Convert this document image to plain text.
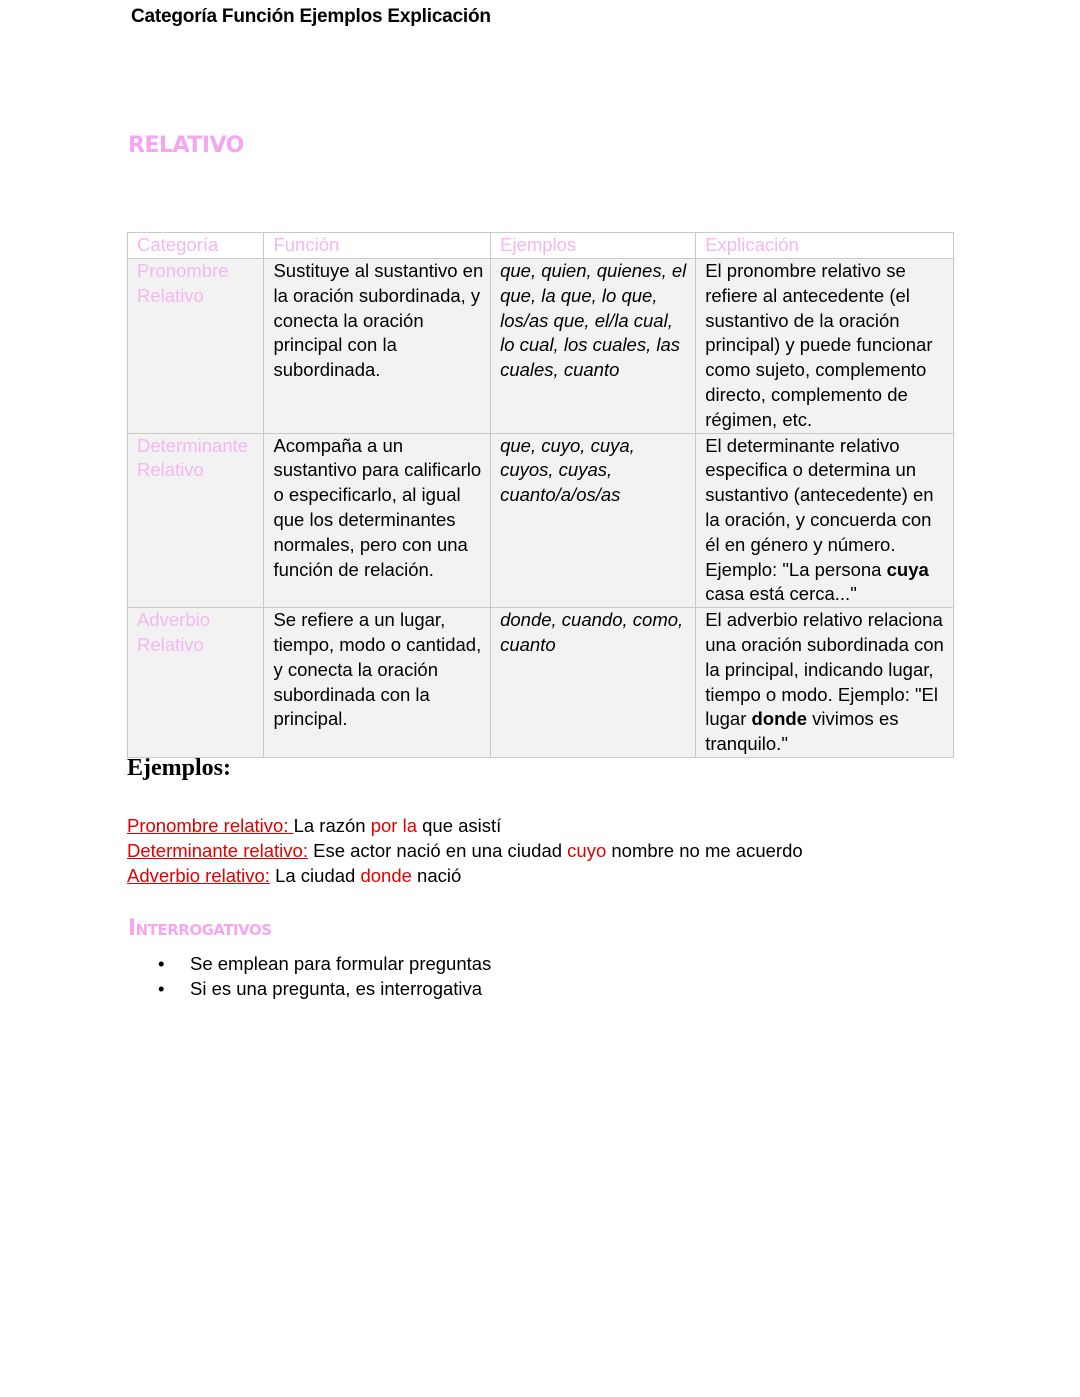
Categoría Función Ejemplos Explicación
RELATIVO
Categoría	Función	Ejemplos	Explicación
Pronombre Relativo	Sustituye al sustantivo en la oración subordinada, y conecta la oración principal con la subordinada.	que, quien, quienes, el que, la que, lo que, los/as que, el/la cual, lo cual, los cuales, las cuales, cuanto	El pronombre relativo se refiere al antecedente (el sustantivo de la oración principal) y puede funcionar como sujeto, complemento directo, complemento de régimen, etc.
Determinante Relativo	Acompaña a un sustantivo para calificarlo o especificarlo, al igual que los determinantes normales, pero con una función de relación.	que, cuyo, cuya, cuyos, cuyas, cuanto/a/os/as	El determinante relativo especifica o determina un sustantivo (antecedente) en la oración, y concuerda con él en género y número. Ejemplo: "La persona cuya casa está cerca..."
Adverbio Relativo	Se refiere a un lugar, tiempo, modo o cantidad, y conecta la oración subordinada con la principal.	donde, cuando, como, cuanto	El adverbio relativo relaciona una oración subordinada con la principal, indicando lugar, tiempo o modo. Ejemplo: "El lugar donde vivimos es tranquilo."
Ejemplos:
Pronombre relativo: La razón por la que asistí
Determinante relativo: Ese actor nació en una ciudad cuyo nombre no me acuerdo
Adverbio relativo: La ciudad donde nació
Interrogativos
• Se emplean para formular preguntas
• Si es una pregunta, es interrogativa
